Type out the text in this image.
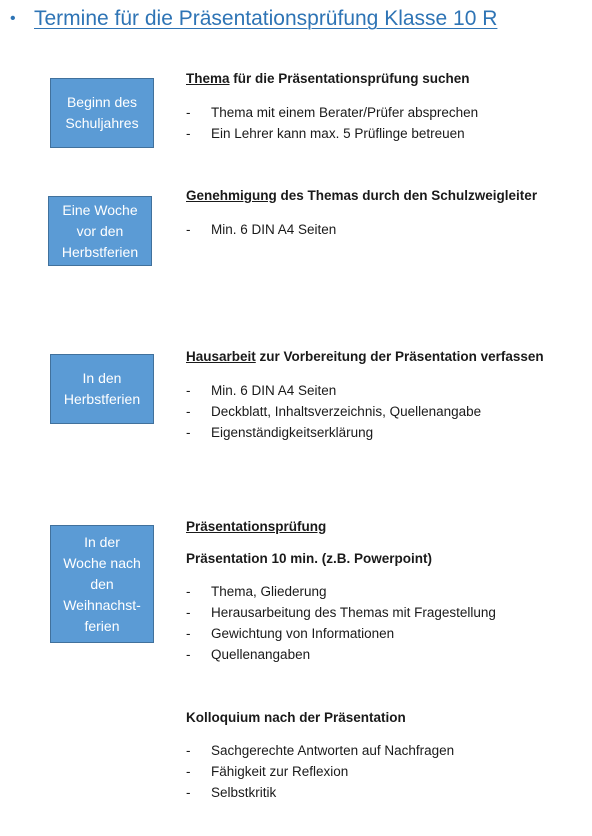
• Termine für die Präsentationsprüfung Klasse 10 R
Beginn des
Schuljahres
Thema für die Präsentationsprüfung suchen
- Thema mit einem Berater/Prüfer absprechen
- Ein Lehrer kann max. 5 Prüflinge betreuen
Eine Woche
vor den
Herbstferien
Genehmigung des Themas durch den Schulzweigleiter
- Min. 6 DIN A4 Seiten
In den
Herbstferien
Hausarbeit zur Vorbereitung der Präsentation verfassen
- Min. 6 DIN A4 Seiten
- Deckblatt, Inhaltsverzeichnis, Quellenangabe
- Eigenständigkeitserklärung
In der
Woche nach
den
Weihnachst-
ferien
Präsentationsprüfung
Präsentation 10 min. (z.B. Powerpoint)
- Thema, Gliederung
- Herausarbeitung des Themas mit Fragestellung
- Gewichtung von Informationen
- Quellenangaben
Kolloquium nach der Präsentation
- Sachgerechte Antworten auf Nachfragen
- Fähigkeit zur Reflexion
- Selbstkritik
